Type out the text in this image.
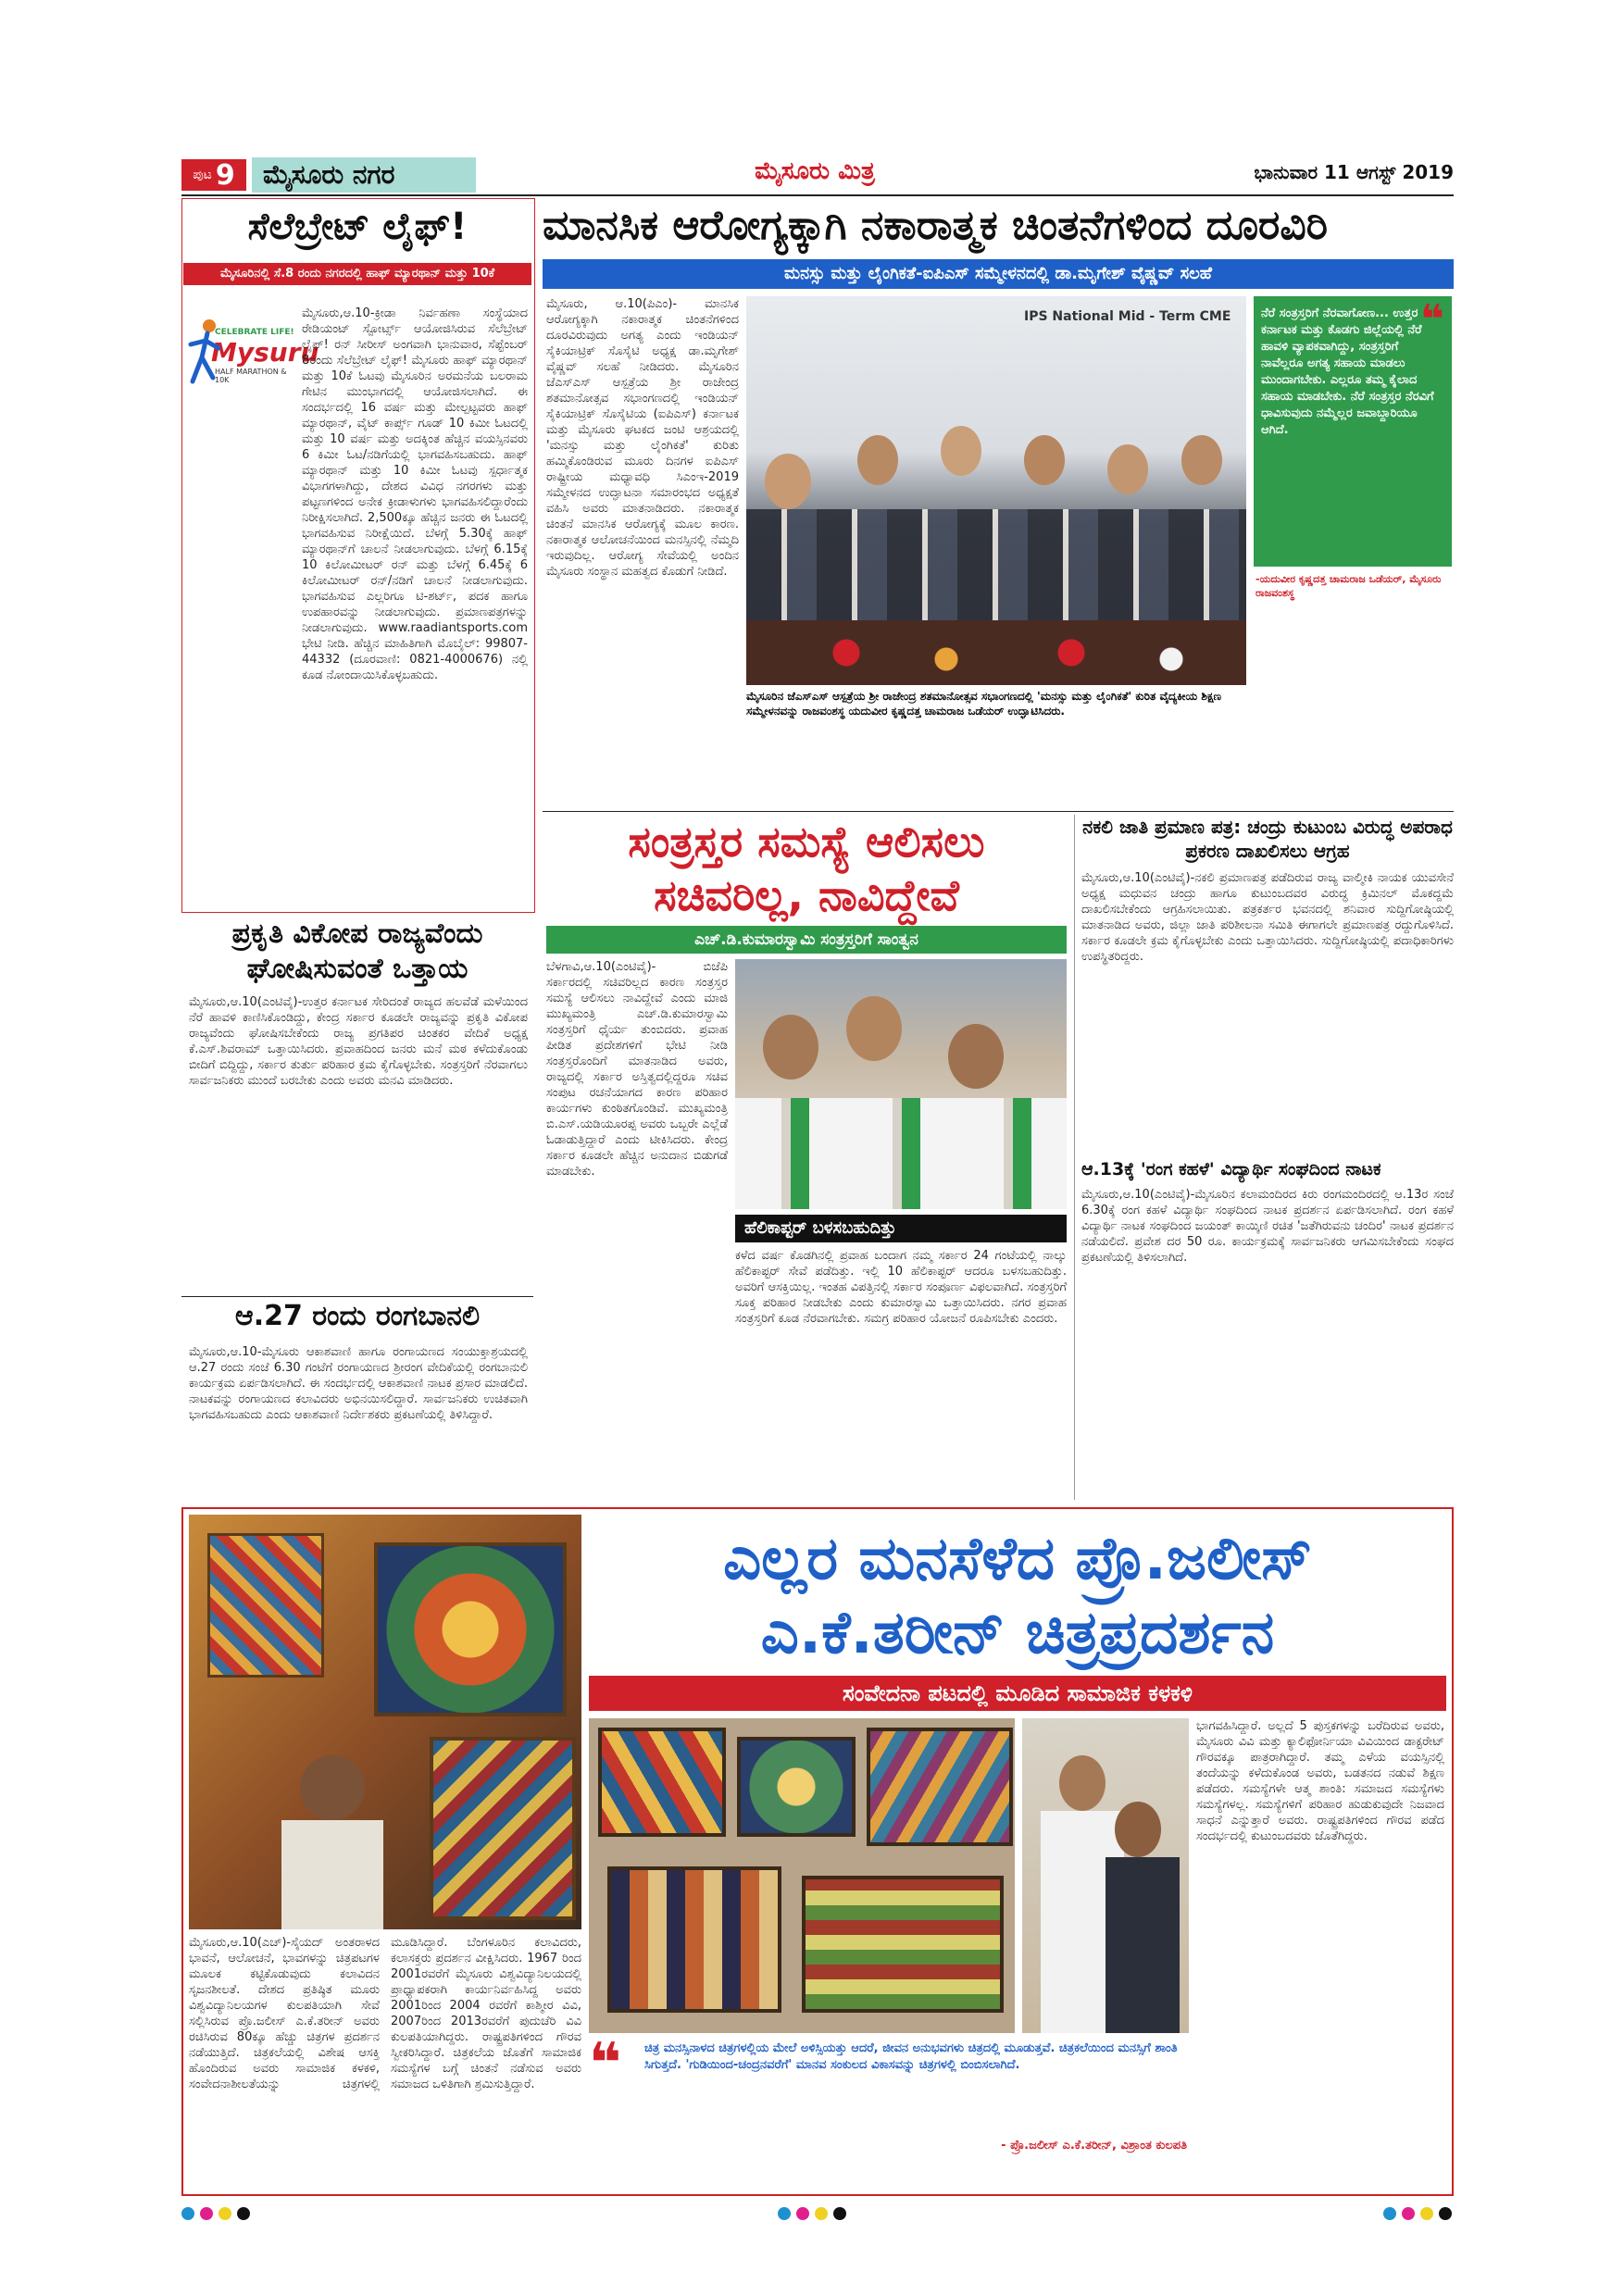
ಪುಟ 9	ಮೈಸೂರು ನಗರ	ಮೈಸೂರು ಮಿತ್ರ	ಭಾನುವಾರ 11 ಆಗಸ್ಟ್ 2019
ಸೆಲೆಬ್ರೇಟ್ ಲೈಫ್!
ಮೈಸೂರಿನಲ್ಲಿ ಸೆ.8 ರಂದು ನಗರದಲ್ಲಿ ಹಾಫ್ ಮ್ಯಾರಥಾನ್ ಮತ್ತು 10ಕೆ
CELEBRATE LIFE!
Mysuru
HALF MARATHON & 10K
ಮೈಸೂರು,ಆ.10-ಕ್ರೀಡಾ ನಿರ್ವಹಣಾ ಸಂಸ್ಥೆಯಾದ ರೇಡಿಯಂಟ್ ಸ್ಪೋರ್ಟ್ಸ್ ಆಯೋಜಿಸಿರುವ ಸೆಲೆಬ್ರೇಟ್ ಲೈಫ್! ರನ್ ಸೀರೀಸ್ ಅಂಗವಾಗಿ ಭಾನುವಾರ, ಸೆಪ್ಟೆಂಬರ್ 8ರಂದು ಸೆಲೆಬ್ರೇಟ್ ಲೈಫ್! ಮೈಸೂರು ಹಾಫ್ ಮ್ಯಾರಥಾನ್ ಮತ್ತು 10ಕೆ ಓಟವು ಮೈಸೂರಿನ ಅರಮನೆಯ ಬಲರಾಮ ಗೇಟಿನ ಮುಂಭಾಗದಲ್ಲಿ ಆಯೋಜಿಸಲಾಗಿದೆ. ಈ ಸಂದರ್ಭದಲ್ಲಿ 16 ವರ್ಷ ಮತ್ತು ಮೇಲ್ಪಟ್ಟವರು ಹಾಫ್ ಮ್ಯಾರಥಾನ್, ವೈಟ್ ಕಾರ್ಪ್ಸ್ ಗೂಡ್ 10 ಕಿಮೀ ಓಟದಲ್ಲಿ ಮತ್ತು 10 ವರ್ಷ ಮತ್ತು ಅದಕ್ಕಿಂತ ಹೆಚ್ಚಿನ ವಯಸ್ಸಿನವರು 6 ಕಿಮೀ ಓಟ/ನಡಿಗೆಯಲ್ಲಿ ಭಾಗವಹಿಸಬಹುದು. ಹಾಫ್ ಮ್ಯಾರಥಾನ್ ಮತ್ತು 10 ಕಿಮೀ ಓಟವು ಸ್ಪರ್ಧಾತ್ಮಕ ವಿಭಾಗಗಳಾಗಿದ್ದು, ದೇಶದ ವಿವಿಧ ನಗರಗಳು ಮತ್ತು ಪಟ್ಟಣಗಳಿಂದ ಅನೇಕ ಕ್ರೀಡಾಳುಗಳು ಭಾಗವಹಿಸಲಿದ್ದಾರೆಂದು ನಿರೀಕ್ಷಿಸಲಾಗಿದೆ. 2,500ಕ್ಕೂ ಹೆಚ್ಚಿನ ಜನರು ಈ ಓಟದಲ್ಲಿ ಭಾಗವಹಿಸುವ ನಿರೀಕ್ಷೆಯಿದೆ. ಬೆಳಗ್ಗೆ 5.30ಕ್ಕೆ ಹಾಫ್ ಮ್ಯಾರಥಾನ್‌ಗೆ ಚಾಲನೆ ನೀಡಲಾಗುವುದು. ಬೆಳಗ್ಗೆ 6.15ಕ್ಕೆ 10 ಕಿಲೋಮೀಟರ್ ರನ್ ಮತ್ತು ಬೆಳಗ್ಗೆ 6.45ಕ್ಕೆ 6 ಕಿಲೋಮೀಟರ್ ರನ್/ನಡಿಗೆ ಚಾಲನೆ ನೀಡಲಾಗುವುದು. ಭಾಗವಹಿಸುವ ಎಲ್ಲರಿಗೂ ಟಿ-ಶರ್ಟ್, ಪದಕ ಹಾಗೂ ಉಪಹಾರವನ್ನು ನೀಡಲಾಗುವುದು. ಪ್ರಮಾಣಪತ್ರಗಳನ್ನು ನೀಡಲಾಗುವುದು. www.raadiantsports.com ಭೇಟಿ ನೀಡಿ. ಹೆಚ್ಚಿನ ಮಾಹಿತಿಗಾಗಿ ಮೊಬೈಲ್: 99807-44332 (ದೂರವಾಣಿ: 0821-4000676) ನಲ್ಲಿ ಕೂಡ ನೋಂದಾಯಿಸಿಕೊಳ್ಳಬಹುದು.
ಪ್ರಕೃತಿ ವಿಕೋಪ ರಾಜ್ಯವೆಂದು ಘೋಷಿಸುವಂತೆ ಒತ್ತಾಯ
ಮೈಸೂರು,ಆ.10(ಎಂಟಿವೈ)-ಉತ್ತರ ಕರ್ನಾಟಕ ಸೇರಿದಂತೆ ರಾಜ್ಯದ ಹಲವೆಡೆ ಮಳೆಯಿಂದ ನೆರೆ ಹಾವಳಿ ಕಾಣಿಸಿಕೊಂಡಿದ್ದು, ಕೇಂದ್ರ ಸರ್ಕಾರ ಕೂಡಲೇ ರಾಜ್ಯವನ್ನು ಪ್ರಕೃತಿ ವಿಕೋಪ ರಾಜ್ಯವೆಂದು ಘೋಷಿಸಬೇಕೆಂದು ರಾಜ್ಯ ಪ್ರಗತಿಪರ ಚಿಂತಕರ ವೇದಿಕೆ ಅಧ್ಯಕ್ಷ ಕೆ.ಎಸ್.ಶಿವರಾಮ್ ಒತ್ತಾಯಿಸಿದರು. ಪ್ರವಾಹದಿಂದ ಜನರು ಮನೆ ಮಠ ಕಳೆದುಕೊಂಡು ಬೀದಿಗೆ ಬಿದ್ದಿದ್ದು, ಸರ್ಕಾರ ತುರ್ತು ಪರಿಹಾರ ಕ್ರಮ ಕೈಗೊಳ್ಳಬೇಕು. ಸಂತ್ರಸ್ತರಿಗೆ ನೆರವಾಗಲು ಸಾರ್ವಜನಿಕರು ಮುಂದೆ ಬರಬೇಕು ಎಂದು ಅವರು ಮನವಿ ಮಾಡಿದರು.
ಆ.27 ರಂದು ರಂಗಬಾನಲಿ
ಮೈಸೂರು,ಆ.10-ಮೈಸೂರು ಆಕಾಶವಾಣಿ ಹಾಗೂ ರಂಗಾಯಣದ ಸಂಯುಕ್ತಾಶ್ರಯದಲ್ಲಿ ಆ.27 ರಂದು ಸಂಜೆ 6.30 ಗಂಟೆಗೆ ರಂಗಾಯಣದ ಶ್ರೀರಂಗ ವೇದಿಕೆಯಲ್ಲಿ ರಂಗಬಾನುಲಿ ಕಾರ್ಯಕ್ರಮ ಏರ್ಪಡಿಸಲಾಗಿದೆ. ಈ ಸಂದರ್ಭದಲ್ಲಿ ಆಕಾಶವಾಣಿ ನಾಟಕ ಪ್ರಸಾರ ಮಾಡಲಿದೆ. ನಾಟಕವನ್ನು ರಂಗಾಯಣದ ಕಲಾವಿದರು ಅಭಿನಯಿಸಲಿದ್ದಾರೆ. ಸಾರ್ವಜನಿಕರು ಉಚಿತವಾಗಿ ಭಾಗವಹಿಸಬಹುದು ಎಂದು ಆಕಾಶವಾಣಿ ನಿರ್ದೇಶಕರು ಪ್ರಕಟಣೆಯಲ್ಲಿ ತಿಳಿಸಿದ್ದಾರೆ.
ಮಾನಸಿಕ ಆರೋಗ್ಯಕ್ಕಾಗಿ ನಕಾರಾತ್ಮಕ ಚಿಂತನೆಗಳಿಂದ ದೂರವಿರಿ
ಮನಸ್ಸು ಮತ್ತು ಲೈಂಗಿಕತೆ-ಐಪಿಎಸ್ ಸಮ್ಮೇಳನದಲ್ಲಿ ಡಾ.ಮೃಗೇಶ್ ವೈಷ್ಣವ್ ಸಲಹೆ
ಮೈಸೂರು, ಆ.10(ಪಿಎಂ)- ಮಾನಸಿಕ ಆರೋಗ್ಯಕ್ಕಾಗಿ ನಕಾರಾತ್ಮಕ ಚಿಂತನೆಗಳಿಂದ ದೂರವಿರುವುದು ಅಗತ್ಯ ಎಂದು ಇಂಡಿಯನ್ ಸೈಕಿಯಾಟ್ರಿಕ್ ಸೊಸೈಟಿ ಅಧ್ಯಕ್ಷ ಡಾ.ಮೃಗೇಶ್ ವೈಷ್ಣವ್ ಸಲಹೆ ನೀಡಿದರು. ಮೈಸೂರಿನ ಜೆಎಸ್‌ಎಸ್ ಆಸ್ಪತ್ರೆಯ ಶ್ರೀ ರಾಜೇಂದ್ರ ಶತಮಾನೋತ್ಸವ ಸಭಾಂಗಣದಲ್ಲಿ ಇಂಡಿಯನ್ ಸೈಕಿಯಾಟ್ರಿಕ್ ಸೊಸೈಟಿಯ (ಐಪಿಎಸ್) ಕರ್ನಾಟಕ ಮತ್ತು ಮೈಸೂರು ಘಟಕದ ಜಂಟಿ ಆಶ್ರಯದಲ್ಲಿ 'ಮನಸ್ಸು ಮತ್ತು ಲೈಂಗಿಕತೆ' ಕುರಿತು ಹಮ್ಮಿಕೊಂಡಿರುವ ಮೂರು ದಿನಗಳ ಐಪಿಎಸ್ ರಾಷ್ಟ್ರೀಯ ಮಧ್ಯಾವಧಿ ಸಿಎಂಇ-2019 ಸಮ್ಮೇಳನದ ಉದ್ಘಾಟನಾ ಸಮಾರಂಭದ ಅಧ್ಯಕ್ಷತೆ ವಹಿಸಿ ಅವರು ಮಾತನಾಡಿದರು. ನಕಾರಾತ್ಮಕ ಚಿಂತನೆ ಮಾನಸಿಕ ಆರೋಗ್ಯಕ್ಕೆ ಮೂಲ ಕಾರಣ. ನಕಾರಾತ್ಮಕ ಆಲೋಚನೆಯಿಂದ ಮನಸ್ಸಿನಲ್ಲಿ ನೆಮ್ಮದಿ ಇರುವುದಿಲ್ಲ. ಆರೋಗ್ಯ ಸೇವೆಯಲ್ಲಿ ಅಂದಿನ ಮೈಸೂರು ಸಂಸ್ಥಾನ ಮಹತ್ವದ ಕೊಡುಗೆ ನೀಡಿದೆ.
IPS National Mid - Term CME
ಮೈಸೂರಿನ ಜೆಎಸ್‌ಎಸ್ ಆಸ್ಪತ್ರೆಯ ಶ್ರೀ ರಾಜೇಂದ್ರ ಶತಮಾನೋತ್ಸವ ಸಭಾಂಗಣದಲ್ಲಿ 'ಮನಸ್ಸು ಮತ್ತು ಲೈಂಗಿಕತೆ' ಕುರಿತ ವೈದ್ಯಕೀಯ ಶಿಕ್ಷಣ ಸಮ್ಮೇಳನವನ್ನು ರಾಜವಂಶಸ್ಥ ಯದುವೀರ ಕೃಷ್ಣದತ್ತ ಚಾಮರಾಜ ಒಡೆಯರ್ ಉದ್ಘಾಟಿಸಿದರು.
❝
ನೆರೆ ಸಂತ್ರಸ್ತರಿಗೆ ನೆರವಾಗೋಣ... ಉತ್ತರ ಕರ್ನಾಟಕ ಮತ್ತು ಕೊಡಗು ಜಿಲ್ಲೆಯಲ್ಲಿ ನೆರೆ ಹಾವಳಿ ವ್ಯಾಪಕವಾಗಿದ್ದು, ಸಂತ್ರಸ್ತರಿಗೆ ನಾವೆಲ್ಲರೂ ಅಗತ್ಯ ಸಹಾಯ ಮಾಡಲು ಮುಂದಾಗಬೇಕು. ಎಲ್ಲರೂ ತಮ್ಮ ಕೈಲಾದ ಸಹಾಯ ಮಾಡಬೇಕು. ನೆರೆ ಸಂತ್ರಸ್ತರ ನೆರವಿಗೆ ಧಾವಿಸುವುದು ನಮ್ಮೆಲ್ಲರ ಜವಾಬ್ದಾರಿಯೂ ಆಗಿದೆ.
-ಯದುವೀರ ಕೃಷ್ಣದತ್ತ ಚಾಮರಾಜ ಒಡೆಯರ್, ಮೈಸೂರು ರಾಜವಂಶಸ್ಥ
ಸಂತ್ರಸ್ತರ ಸಮಸ್ಯೆ ಆಲಿಸಲು
ಸಚಿವರಿಲ್ಲ, ನಾವಿದ್ದೇವೆ
ಎಚ್.ಡಿ.ಕುಮಾರಸ್ವಾಮಿ ಸಂತ್ರಸ್ತರಿಗೆ ಸಾಂತ್ವನ
ಬೆಳಗಾವಿ,ಆ.10(ಎಂಟಿವೈ)- ಬಿಜೆಪಿ ಸರ್ಕಾರದಲ್ಲಿ ಸಚಿವರಿಲ್ಲದ ಕಾರಣ ಸಂತ್ರಸ್ತರ ಸಮಸ್ಯೆ ಆಲಿಸಲು ನಾವಿದ್ದೇವೆ ಎಂದು ಮಾಜಿ ಮುಖ್ಯಮಂತ್ರಿ ಎಚ್.ಡಿ.ಕುಮಾರಸ್ವಾಮಿ ಸಂತ್ರಸ್ತರಿಗೆ ಧೈರ್ಯ ತುಂಬಿದರು. ಪ್ರವಾಹ ಪೀಡಿತ ಪ್ರದೇಶಗಳಿಗೆ ಭೇಟಿ ನೀಡಿ ಸಂತ್ರಸ್ತರೊಂದಿಗೆ ಮಾತನಾಡಿದ ಅವರು, ರಾಜ್ಯದಲ್ಲಿ ಸರ್ಕಾರ ಅಸ್ತಿತ್ವದಲ್ಲಿದ್ದರೂ ಸಚಿವ ಸಂಪುಟ ರಚನೆಯಾಗದ ಕಾರಣ ಪರಿಹಾರ ಕಾರ್ಯಗಳು ಕುಂಠಿತಗೊಂಡಿವೆ. ಮುಖ್ಯಮಂತ್ರಿ ಬಿ.ಎಸ್.ಯಡಿಯೂರಪ್ಪ ಅವರು ಒಬ್ಬರೇ ಎಲ್ಲೆಡೆ ಓಡಾಡುತ್ತಿದ್ದಾರೆ ಎಂದು ಟೀಕಿಸಿದರು. ಕೇಂದ್ರ ಸರ್ಕಾರ ಕೂಡಲೇ ಹೆಚ್ಚಿನ ಅನುದಾನ ಬಿಡುಗಡೆ ಮಾಡಬೇಕು.
ಹೆಲಿಕಾಪ್ಟರ್ ಬಳಸಬಹುದಿತ್ತು
ಕಳೆದ ವರ್ಷ ಕೊಡಗಿನಲ್ಲಿ ಪ್ರವಾಹ ಬಂದಾಗ ನಮ್ಮ ಸರ್ಕಾರ 24 ಗಂಟೆಯಲ್ಲಿ ನಾಲ್ಕು ಹೆಲಿಕಾಪ್ಟರ್ ಸೇವೆ ಪಡೆದಿತ್ತು. ಇಲ್ಲಿ 10 ಹೆಲಿಕಾಪ್ಟರ್ ಆದರೂ ಬಳಸಬಹುದಿತ್ತು. ಅವರಿಗೆ ಆಸಕ್ತಿಯಿಲ್ಲ. ಇಂತಹ ವಿಪತ್ತಿನಲ್ಲಿ ಸರ್ಕಾರ ಸಂಪೂರ್ಣ ವಿಫಲವಾಗಿದೆ. ಸಂತ್ರಸ್ತರಿಗೆ ಸೂಕ್ತ ಪರಿಹಾರ ನೀಡಬೇಕು ಎಂದು ಕುಮಾರಸ್ವಾಮಿ ಒತ್ತಾಯಿಸಿದರು. ನಗರ ಪ್ರವಾಹ ಸಂತ್ರಸ್ತರಿಗೆ ಕೂಡ ನೆರವಾಗಬೇಕು. ಸಮಗ್ರ ಪರಿಹಾರ ಯೋಜನೆ ರೂಪಿಸಬೇಕು ಎಂದರು.
ನಕಲಿ ಜಾತಿ ಪ್ರಮಾಣ ಪತ್ರ: ಚಂದ್ರು ಕುಟುಂಬ ವಿರುದ್ಧ ಅಪರಾಧ ಪ್ರಕರಣ ದಾಖಲಿಸಲು ಆಗ್ರಹ
ಮೈಸೂರು,ಆ.10(ಎಂಟಿವೈ)-ನಕಲಿ ಪ್ರಮಾಣಪತ್ರ ಪಡೆದಿರುವ ರಾಜ್ಯ ವಾಲ್ಮೀಕಿ ನಾಯಕ ಯುವಸೇನೆ ಅಧ್ಯಕ್ಷ ಮಧುವನ ಚಂದ್ರು ಹಾಗೂ ಕುಟುಂಬದವರ ವಿರುದ್ಧ ಕ್ರಿಮಿನಲ್ ಮೊಕದ್ದಮೆ ದಾಖಲಿಸಬೇಕೆಂದು ಆಗ್ರಹಿಸಲಾಯಿತು. ಪತ್ರಕರ್ತರ ಭವನದಲ್ಲಿ ಶನಿವಾರ ಸುದ್ದಿಗೋಷ್ಠಿಯಲ್ಲಿ ಮಾತನಾಡಿದ ಅವರು, ಜಿಲ್ಲಾ ಜಾತಿ ಪರಿಶೀಲನಾ ಸಮಿತಿ ಈಗಾಗಲೇ ಪ್ರಮಾಣಪತ್ರ ರದ್ದುಗೊಳಿಸಿದೆ. ಸರ್ಕಾರ ಕೂಡಲೇ ಕ್ರಮ ಕೈಗೊಳ್ಳಬೇಕು ಎಂದು ಒತ್ತಾಯಿಸಿದರು. ಸುದ್ದಿಗೋಷ್ಠಿಯಲ್ಲಿ ಪದಾಧಿಕಾರಿಗಳು ಉಪಸ್ಥಿತರಿದ್ದರು.
ಆ.13ಕ್ಕೆ 'ರಂಗ ಕಹಳೆ' ವಿದ್ಯಾರ್ಥಿ ಸಂಘದಿಂದ ನಾಟಕ
ಮೈಸೂರು,ಆ.10(ಎಂಟಿವೈ)-ಮೈಸೂರಿನ ಕಲಾಮಂದಿರದ ಕಿರು ರಂಗಮಂದಿರದಲ್ಲಿ ಆ.13ರ ಸಂಜೆ 6.30ಕ್ಕೆ ರಂಗ ಕಹಳೆ ವಿದ್ಯಾರ್ಥಿ ಸಂಘದಿಂದ ನಾಟಕ ಪ್ರದರ್ಶನ ಏರ್ಪಡಿಸಲಾಗಿದೆ. ರಂಗ ಕಹಳೆ ವಿದ್ಯಾರ್ಥಿ ನಾಟಕ ಸಂಘದಿಂದ ಜಯಂತ್ ಕಾಯ್ಕಿಣಿ ರಚಿತ 'ಜತೆಗಿರುವನು ಚಂದಿರ' ನಾಟಕ ಪ್ರದರ್ಶನ ನಡೆಯಲಿದೆ. ಪ್ರವೇಶ ದರ 50 ರೂ. ಕಾರ್ಯಕ್ರಮಕ್ಕೆ ಸಾರ್ವಜನಿಕರು ಆಗಮಿಸಬೇಕೆಂದು ಸಂಘದ ಪ್ರಕಟಣೆಯಲ್ಲಿ ತಿಳಿಸಲಾಗಿದೆ.
ಎಲ್ಲರ ಮನಸೆಳೆದ ಪ್ರೊ.ಜಲೀಸ್
ಎ.ಕೆ.ತರೀನ್ ಚಿತ್ರಪ್ರದರ್ಶನ
ಸಂವೇದನಾ ಪಟದಲ್ಲಿ ಮೂಡಿದ ಸಾಮಾಜಿಕ ಕಳಕಳಿ
ಮೈಸೂರು,ಆ.10(ಎಚ್)-ಸೈಯದ್ ಅಂತರಾಳದ ಭಾವನೆ, ಆಲೋಚನೆ, ಭಾವಗಳನ್ನು ಚಿತ್ರಪಟಗಳ ಮೂಲಕ ಕಟ್ಟಿಕೊಡುವುದು ಕಲಾವಿದನ ಸೃಜನಶೀಲತೆ. ದೇಶದ ಪ್ರತಿಷ್ಠಿತ ಮೂರು ವಿಶ್ವವಿದ್ಯಾನಿಲಯಗಳ ಕುಲಪತಿಯಾಗಿ ಸೇವೆ ಸಲ್ಲಿಸಿರುವ ಪ್ರೊ.ಜಲೀಸ್ ಎ.ಕೆ.ತರೀನ್ ಅವರು ರಚಿಸಿರುವ 80ಕ್ಕೂ ಹೆಚ್ಚು ಚಿತ್ರಗಳ ಪ್ರದರ್ಶನ ನಡೆಯುತ್ತಿದೆ. ಚಿತ್ರಕಲೆಯಲ್ಲಿ ವಿಶೇಷ ಆಸಕ್ತಿ ಹೊಂದಿರುವ ಅವರು ಸಾಮಾಜಿಕ ಕಳಕಳಿ, ಸಂವೇದನಾಶೀಲತೆಯನ್ನು ಚಿತ್ರಗಳಲ್ಲಿ ಮೂಡಿಸಿದ್ದಾರೆ. ಬೆಂಗಳೂರಿನ ಕಲಾವಿದರು, ಕಲಾಸಕ್ತರು ಪ್ರದರ್ಶನ ವೀಕ್ಷಿಸಿದರು. 1967 ರಿಂದ 2001ರವರೆಗೆ ಮೈಸೂರು ವಿಶ್ವವಿದ್ಯಾನಿಲಯದಲ್ಲಿ ಪ್ರಾಧ್ಯಾಪಕರಾಗಿ ಕಾರ್ಯನಿರ್ವಹಿಸಿದ್ದ ಅವರು 2001ರಿಂದ 2004 ರವರೆಗೆ ಕಾಶ್ಮೀರ ವಿವಿ, 2007ರಿಂದ 2013ರವರೆಗೆ ಪುದುಚೆರಿ ವಿವಿ ಕುಲಪತಿಯಾಗಿದ್ದರು. ರಾಷ್ಟ್ರಪತಿಗಳಿಂದ ಗೌರವ ಸ್ವೀಕರಿಸಿದ್ದಾರೆ. ಚಿತ್ರಕಲೆಯ ಜೊತೆಗೆ ಸಾಮಾಜಿಕ ಸಮಸ್ಯೆಗಳ ಬಗ್ಗೆ ಚಿಂತನೆ ನಡೆಸುವ ಅವರು ಸಮಾಜದ ಒಳಿತಿಗಾಗಿ ಶ್ರಮಿಸುತ್ತಿದ್ದಾರೆ.
ಭಾಗವಹಿಸಿದ್ದಾರೆ. ಅಲ್ಲದೆ 5 ಪುಸ್ತಕಗಳನ್ನು ಬರೆದಿರುವ ಅವರು, ಮೈಸೂರು ವಿವಿ ಮತ್ತು ಕ್ಯಾಲಿಫೋರ್ನಿಯಾ ವಿವಿಯಿಂದ ಡಾಕ್ಟರೇಟ್ ಗೌರವಕ್ಕೂ ಪಾತ್ರರಾಗಿದ್ದಾರೆ. ತಮ್ಮ ಎಳೆಯ ವಯಸ್ಸಿನಲ್ಲಿ ತಂದೆಯನ್ನು ಕಳೆದುಕೊಂಡ ಅವರು, ಬಡತನದ ನಡುವೆ ಶಿಕ್ಷಣ ಪಡೆದರು. ಸಮಸ್ಯೆಗಳೇ ಆತ್ಮ ಶಾಂತಿ: ಸಮಾಜದ ಸಮಸ್ಯೆಗಳು ಸಮಸ್ಯೆಗಳಲ್ಲ. ಸಮಸ್ಯೆಗಳಿಗೆ ಪರಿಹಾರ ಹುಡುಕುವುದೇ ನಿಜವಾದ ಸಾಧನೆ ಎನ್ನುತ್ತಾರೆ ಅವರು. ರಾಷ್ಟ್ರಪತಿಗಳಿಂದ ಗೌರವ ಪಡೆದ ಸಂದರ್ಭದಲ್ಲಿ ಕುಟುಂಬದವರು ಜೊತೆಗಿದ್ದರು.
❝ ಚಿತ್ರ ಮನಸ್ಸಿನಾಳದ ಚಿತ್ರಗಳಲ್ಲಿಯ ಮೇಲೆ ಅಳಿಸ್ಸಿಯತ್ತು ಆದರೆ, ಜೀವನ ಅನುಭವಗಳು ಚಿತ್ರದಲ್ಲಿ ಮೂಡುತ್ತವೆ. ಚಿತ್ರಕಲೆಯಿಂದ ಮನಸ್ಸಿಗೆ ಶಾಂತಿ ಸಿಗುತ್ತದೆ. 'ಗುಡಿಯಿಂದ-ಚಂದ್ರನವರೆಗೆ' ಮಾನವ ಸಂಕುಲದ ವಿಕಾಸವನ್ನು ಚಿತ್ರಗಳಲ್ಲಿ ಬಿಂಬಿಸಲಾಗಿದೆ.
- ಪ್ರೊ.ಜಲೀಸ್ ಎ.ಕೆ.ತರೀನ್, ವಿಶ್ರಾಂತ ಕುಲಪತಿ
